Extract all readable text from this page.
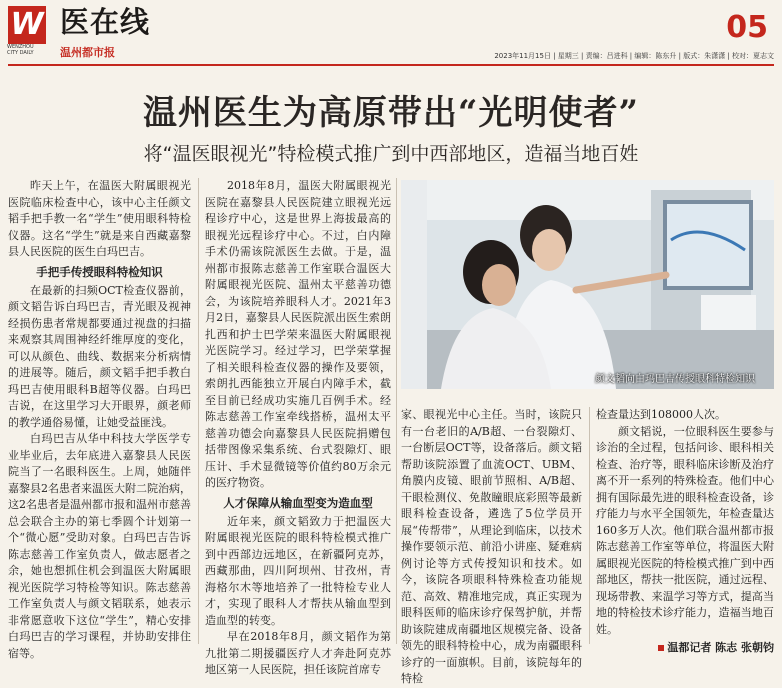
W
WENZHOU CITY DAILY
医在线
温州都市报
05
2023年11月15日 | 星期三 | 责编：吕进科 | 编辑：陈东升 | 版式：朱潇潇 | 校对：夏志文
温州医生为高原带出“光明使者”
将“温医眼视光”特检模式推广到中西部地区，造福当地百姓

昨天上午，在温医大附属眼视光医院临床检查中心，该中心主任颜文韬手把手教一名“学生”使用眼科特检仪器。这名“学生”就是来自西藏嘉黎县人民医院的医生白玛巴吉。

手把手传授眼科特检知识

在最新的扫频OCT检查仪器前，颜文韬告诉白玛巴吉，青光眼及视神经损伤患者常规都要通过视盘的扫描来观察其周围神经纤维厚度的变化，可以从颜色、曲线、数据来分析病情的进展等。随后，颜文韬手把手教白玛巴吉使用眼科B超等仪器。白玛巴吉说，在这里学习大开眼界，颜老师的教学通俗易懂，让她受益匪浅。

白玛巴吉从华中科技大学医学专业毕业后，去年底进入嘉黎县人民医院当了一名眼科医生。上周，她随伴嘉黎县2名患者来温医大附二院治病，这2名患者是温州都市报和温州市慈善总会联合主办的第七季圆个计划第一个“微心愿”受助对象。白玛巴吉告诉陈志慈善工作室负责人，做志愿者之余，她也想抓住机会到温医大附属眼视光医院学习特检等知识。陈志慈善工作室负责人与颜文韬联系，她表示非常愿意收下这位“学生”，精心安排白玛巴吉的学习课程，并协助安排住宿等。

2018年8月，温医大附属眼视光医院在嘉黎县人民医院建立眼视光远程诊疗中心，这是世界上海拔最高的眼视光远程诊疗中心。不过，白内障手术仍需该院派医生去做。于是，温州都市报陈志慈善工作室联合温医大附属眼视光医院、温州太平慈善功德会，为该院培养眼科人才。2021年3月2日，嘉黎县人民医院派出医生索朗扎西和护士巴学荣来温医大附属眼视光医院学习。经过学习，巴学荣掌握了相关眼科检查仪器的操作及要领，索朗扎西能独立开展白内障手术，截至目前已经成功实施几百例手术。经陈志慈善工作室牵线搭桥，温州太平慈善功德会向嘉黎县人民医院捐赠包括带图像采集系统、台式裂隙灯、眼压计、手术显微镜等价值约80万余元的医疗物资。

人才保障从输血型变为造血型

近年来，颜文韬致力于把温医大附属眼视光医院的眼科特检模式推广到中西部边远地区，在新疆阿克苏，西藏那曲，四川阿坝州、甘孜州，青海格尔木等地培养了一批特检专业人才，实现了眼科人才帮扶从输血型到造血型的转变。

早在2018年8月，颜文韬作为第九批第二期援疆医疗人才奔赴阿克苏地区第一人民医院，担任该院首席专

颜文韬向白玛巴吉传授眼科特检知识

家、眼视光中心主任。当时，该院只有一台老旧的A/B超、一台裂隙灯、一台断层OCT等，设备落后。颜文韬帮助该院添置了血流OCT、UBM、角膜内皮镜、眼前节照相、A/B超、干眼检测仪、免散瞳眼底彩照等最新眼科检查设备，遴选了5位学员开展“传帮带”，从理论到临床，以技术操作要领示范、前沿小讲座、疑难病例讨论等方式传授知识和技术。如今，该院各项眼科特殊检查功能规范、高效、精准地完成，真正实现为眼科医师的临床诊疗保驾护航，并帮助该院建成南疆地区规模完备、设备领先的眼科特检中心，成为南疆眼科诊疗的一面旗帜。目前，该院每年的特检

检查量达到108000人次。

颜文韬说，一位眼科医生要参与诊治的全过程，包括问诊、眼科相关检查、治疗等，眼科临床诊断及治疗离不开一系列的特殊检查。他们中心拥有国际最先进的眼科检查设备，诊疗能力与水平全国领先，年检查量达160多万人次。他们联合温州都市报陈志慈善工作室等单位，将温医大附属眼视光医院的特检模式推广到中西部地区，帮扶一批医院，通过远程、现场带教、来温学习等方式，提高当地的特检技术诊疗能力，造福当地百姓。

温都记者 陈志 张朝钧
